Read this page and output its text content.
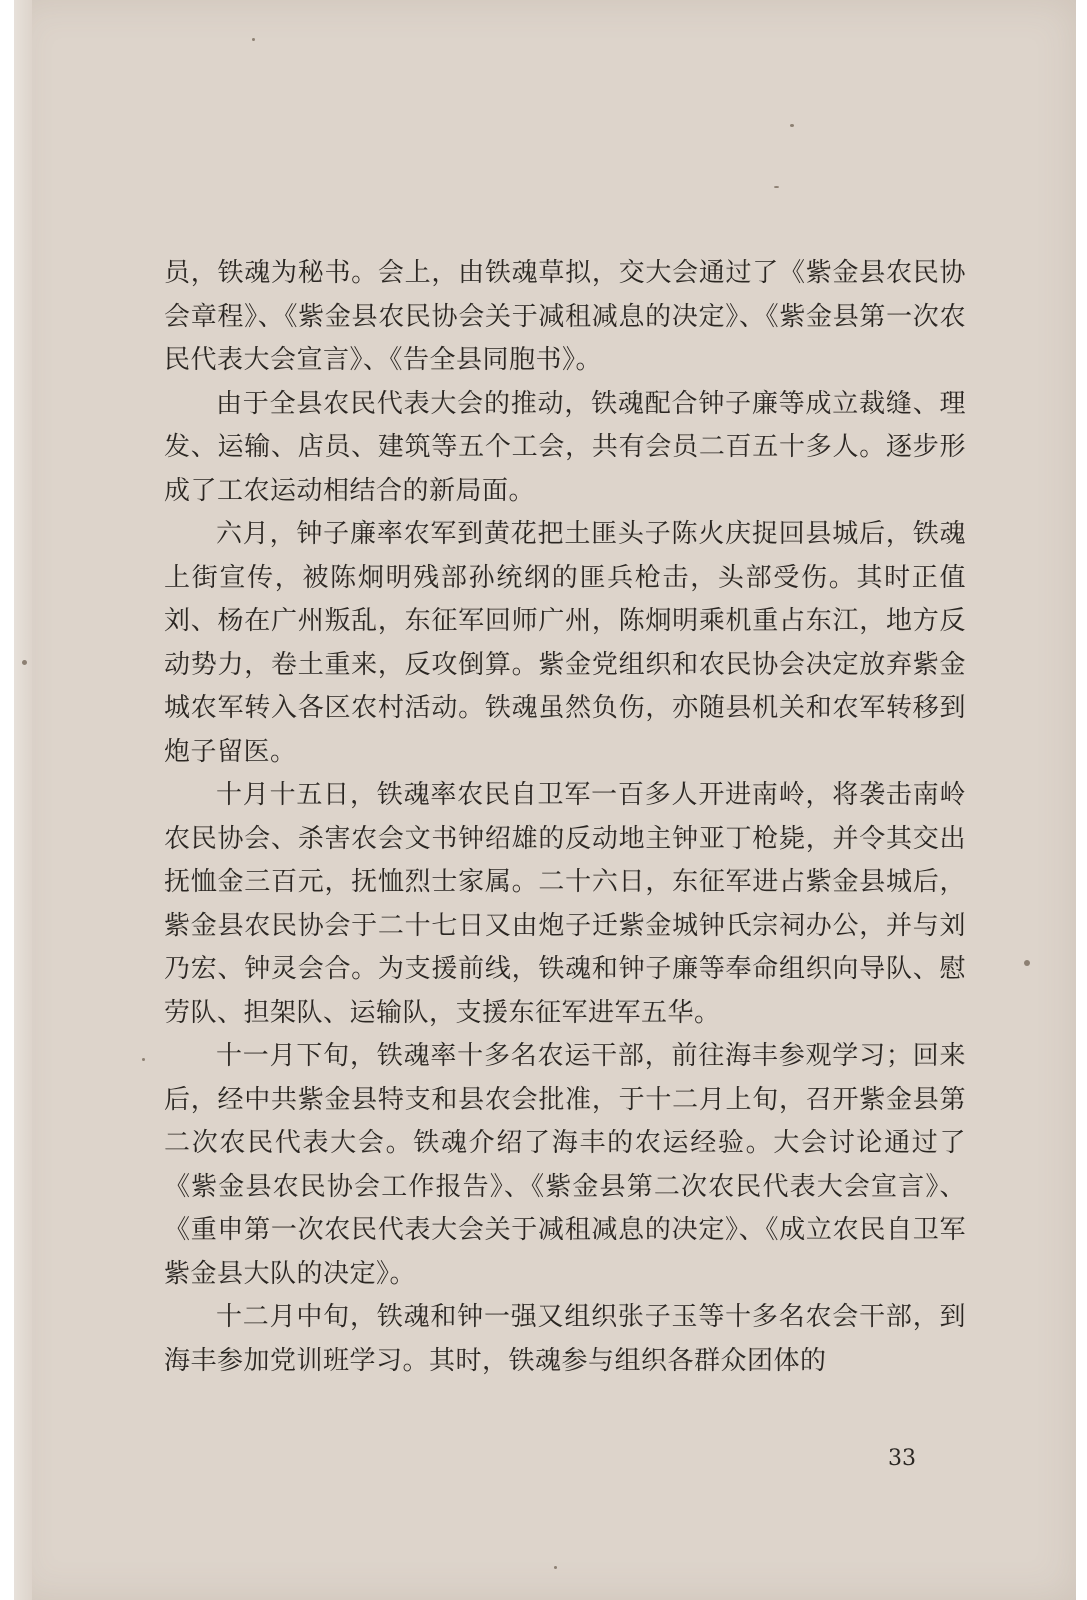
员，铁魂为秘书。会上，由铁魂草拟，交大会通过了《紫金县农民协会章程》、《紫金县农民协会关于减租减息的决定》、《紫金县第一次农民代表大会宣言》、《告全县同胞书》。

由于全县农民代表大会的推动，铁魂配合钟子廉等成立裁缝、理发、运输、店员、建筑等五个工会，共有会员二百五十多人。逐步形成了工农运动相结合的新局面。

六月，钟子廉率农军到黄花把土匪头子陈火庆捉回县城后，铁魂上街宣传，被陈炯明残部孙统纲的匪兵枪击，头部受伤。其时正值刘、杨在广州叛乱，东征军回师广州，陈炯明乘机重占东江，地方反动势力，卷土重来，反攻倒算。紫金党组织和农民协会决定放弃紫金城农军转入各区农村活动。铁魂虽然负伤，亦随县机关和农军转移到炮子留医。

十月十五日，铁魂率农民自卫军一百多人开进南岭，将袭击南岭农民协会、杀害农会文书钟绍雄的反动地主钟亚丁枪毙，并令其交出抚恤金三百元，抚恤烈士家属。二十六日，东征军进占紫金县城后，紫金县农民协会于二十七日又由炮子迁紫金城钟氏宗祠办公，并与刘乃宏、钟灵会合。为支援前线，铁魂和钟子廉等奉命组织向导队、慰劳队、担架队、运输队，支援东征军进军五华。

十一月下旬，铁魂率十多名农运干部，前往海丰参观学习；回来后，经中共紫金县特支和县农会批准，于十二月上旬，召开紫金县第二次农民代表大会。铁魂介绍了海丰的农运经验。大会讨论通过了《紫金县农民协会工作报告》、《紫金县第二次农民代表大会宣言》、《重申第一次农民代表大会关于减租减息的决定》、《成立农民自卫军紫金县大队的决定》。

十二月中旬，铁魂和钟一强又组织张子玉等十多名农会干部，到海丰参加党训班学习。其时，铁魂参与组织各群众团体的

33
